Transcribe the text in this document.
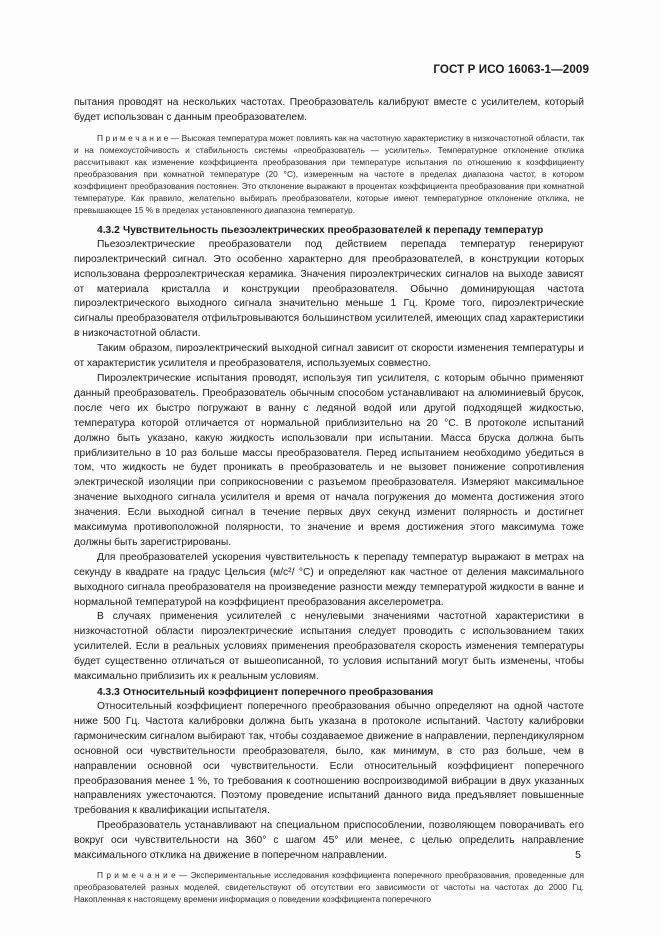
ГОСТ Р ИСО 16063-1—2009

пытания проводят на нескольких частотах. Преобразователь калибруют вместе с усилителем, который будет использован с данным преобразователем.

П р и м е ч а н и е — Высокая температура может повлиять как на частотную характеристику в низкочастотной области, так и на помехоустойчивость и стабильность системы «преобразователь — усилитель». Температурное отклонение отклика рассчитывают как изменение коэффициента преобразования при температуре испытания по отношению к коэффициенту преобразования при комнатной температуре (20 °С), измеренным на частоте в пределах диапазона частот, в котором коэффициент преобразования постоянен. Это отклонение выражают в процентах коэффициента преобразования при комнатной температуре. Как правило, желательно выбирать преобразователи, которые имеют температурное отклонение отклика, не превышающее 15 % в пределах установленного диапазона температур.

4.3.2 Чувствительность пьезоэлектрических преобразователей к перепаду температур

Пьезоэлектрические преобразователи под действием перепада температур генерируют пироэлектрический сигнал. Это особенно характерно для преобразователей, в конструкции которых использована ферроэлектрическая керамика. Значения пироэлектрических сигналов на выходе зависят от материала кристалла и конструкции преобразователя. Обычно доминирующая частота пироэлектрического выходного сигнала значительно меньше 1 Гц. Кроме того, пироэлектрические сигналы преобразователя отфильтровываются большинством усилителей, имеющих спад характеристики в низкочастотной области.

Таким образом, пироэлектрический выходной сигнал зависит от скорости изменения температуры и от характеристик усилителя и преобразователя, используемых совместно.

Пироэлектрические испытания проводят, используя тип усилителя, с которым обычно применяют данный преобразователь. Преобразователь обычным способом устанавливают на алюминиевый брусок, после чего их быстро погружают в ванну с ледяной водой или другой подходящей жидкостью, температура которой отличается от нормальной приблизительно на 20 °С. В протоколе испытаний должно быть указано, какую жидкость использовали при испытании. Масса бруска должна быть приблизительно в 10 раз больше массы преобразователя. Перед испытанием необходимо убедиться в том, что жидкость не будет проникать в преобразователь и не вызовет понижение сопротивления электрической изоляции при соприкосновении с разъемом преобразователя. Измеряют максимальное значение выходного сигнала усилителя и время от начала погружения до момента достижения этого значения. Если выходной сигнал в течение первых двух секунд изменит полярность и достигнет максимума противоположной полярности, то значение и время достижения этого максимума тоже должны быть зарегистрированы.

Для преобразователей ускорения чувствительность к перепаду температур выражают в метрах на секунду в квадрате на градус Цельсия (м/с²/ °С) и определяют как частное от деления максимального выходного сигнала преобразователя на произведение разности между температурой жидкости в ванне и нормальной температурой на коэффициент преобразования акселерометра.

В случаях применения усилителей с ненулевыми значениями частотной характеристики в низкочастотной области пироэлектрические испытания следует проводить с использованием таких усилителей. Если в реальных условиях применения преобразователя скорость изменения температуры будет существенно отличаться от вышеописанной, то условия испытаний могут быть изменены, чтобы максимально приблизить их к реальным условиям.

4.3.3 Относительный коэффициент поперечного преобразования

Относительный коэффициент поперечного преобразования обычно определяют на одной частоте ниже 500 Гц. Частота калибровки должна быть указана в протоколе испытаний. Частоту калибровки гармоническим сигналом выбирают так, чтобы создаваемое движение в направлении, перпендикулярном основной оси чувствительности преобразователя, было, как минимум, в сто раз больше, чем в направлении основной оси чувствительности. Если относительный коэффициент поперечного преобразования менее 1 %, то требования к соотношению воспроизводимой вибрации в двух указанных направлениях ужесточаются. Поэтому проведение испытаний данного вида предъявляет повышенные требования к квалификации испытателя.

Преобразователь устанавливают на специальном приспособлении, позволяющем поворачивать его вокруг оси чувствительности на 360° с шагом 45° или менее, с целью определить направление максимального отклика на движение в поперечном направлении.

П р и м е ч а н и е — Экспериментальные исследования коэффициента поперечного преобразования, проведенные для преобразователей разных моделей, свидетельствуют об отсутствии его зависимости от частоты на частотах до 2000 Гц. Накопленная к настоящему времени информация о поведении коэффициента поперечного

5
